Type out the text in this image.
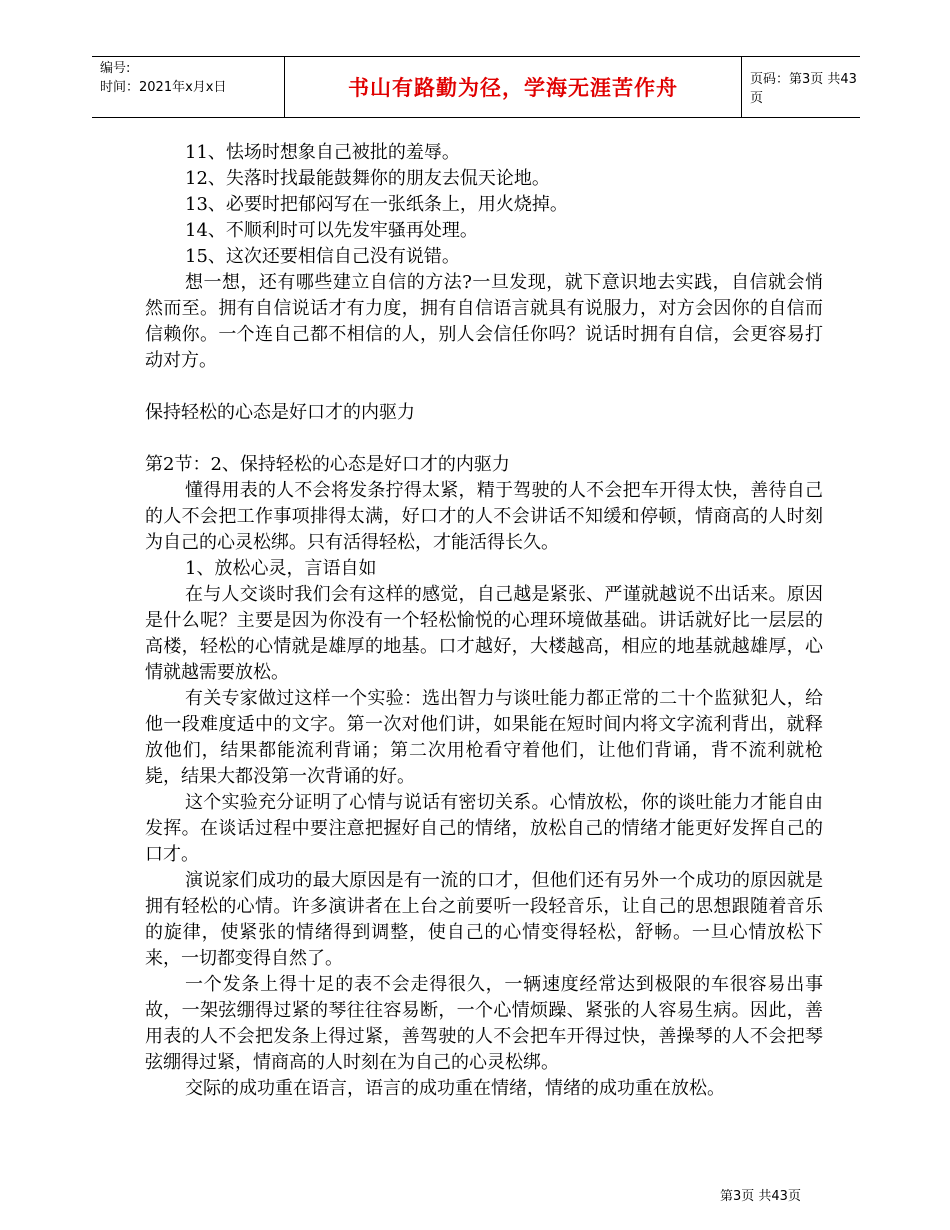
编号:
时间：2021年x月x日	书山有路勤为径，学海无涯苦作舟	页码：第3页 共43页

11、怯场时想象自己被批的羞辱。

12、失落时找最能鼓舞你的朋友去侃天论地。

13、必要时把郁闷写在一张纸条上，用火烧掉。

14、不顺利时可以先发牢骚再处理。

15、这次还要相信自己没有说错。

想一想，还有哪些建立自信的方法?一旦发现，就下意识地去实践，自信就会悄然而至。拥有自信说话才有力度，拥有自信语言就具有说服力，对方会因你的自信而信赖你。一个连自己都不相信的人，别人会信任你吗？说话时拥有自信，会更容易打动对方。

保持轻松的心态是好口才的内驱力

第2节：2、保持轻松的心态是好口才的内驱力

懂得用表的人不会将发条拧得太紧，精于驾驶的人不会把车开得太快，善待自己的人不会把工作事项排得太满，好口才的人不会讲话不知缓和停顿，情商高的人时刻为自己的心灵松绑。只有活得轻松，才能活得长久。

1、放松心灵，言语自如

在与人交谈时我们会有这样的感觉，自己越是紧张、严谨就越说不出话来。原因是什么呢？主要是因为你没有一个轻松愉悦的心理环境做基础。讲话就好比一层层的高楼，轻松的心情就是雄厚的地基。口才越好，大楼越高，相应的地基就越雄厚，心情就越需要放松。

有关专家做过这样一个实验：选出智力与谈吐能力都正常的二十个监狱犯人，给他一段难度适中的文字。第一次对他们讲，如果能在短时间内将文字流利背出，就释放他们，结果都能流利背诵；第二次用枪看守着他们，让他们背诵，背不流利就枪毙，结果大都没第一次背诵的好。

这个实验充分证明了心情与说话有密切关系。心情放松，你的谈吐能力才能自由发挥。在谈话过程中要注意把握好自己的情绪，放松自己的情绪才能更好发挥自己的口才。

演说家们成功的最大原因是有一流的口才，但他们还有另外一个成功的原因就是拥有轻松的心情。许多演讲者在上台之前要听一段轻音乐，让自己的思想跟随着音乐的旋律，使紧张的情绪得到调整，使自己的心情变得轻松，舒畅。一旦心情放松下来，一切都变得自然了。

一个发条上得十足的表不会走得很久，一辆速度经常达到极限的车很容易出事故，一架弦绷得过紧的琴往往容易断，一个心情烦躁、紧张的人容易生病。因此，善用表的人不会把发条上得过紧，善驾驶的人不会把车开得过快，善操琴的人不会把琴弦绷得过紧，情商高的人时刻在为自己的心灵松绑。

交际的成功重在语言，语言的成功重在情绪，情绪的成功重在放松。

第3页 共43页
